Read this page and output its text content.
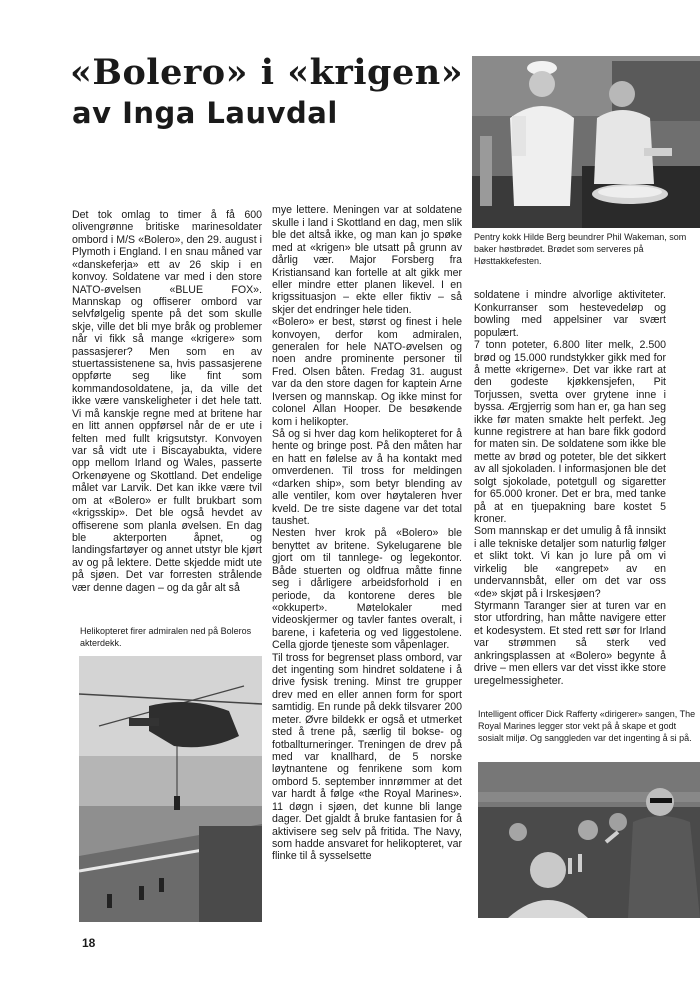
«Bolero» i «krigen»
av Inga Lauvdal

Pentry kokk Hilde Berg beundrer Phil Wakeman, som baker høstbrødet. Brødet som serveres på Høsttakkefesten.

Det tok omlag to timer å få 600 olivengrønne britiske marinesoldater ombord i M/S «Bolero», den 29. august i Plymoth i England. I en snau måned var «danskeferja» ett av 26 skip i en konvoy. Soldatene var med i den store NATO-øvelsen «BLUE FOX». Mannskap og offiserer ombord var selvfølgelig spente på det som skulle skje, ville det bli mye bråk og problemer når vi fikk så mange «krigere» som passasjerer? Men som en av stuertassistenene sa, hvis passasjerene oppførte seg like fint som kommandosoldatene, ja, da ville det ikke være vanskeligheter i det hele tatt. Vi må kanskje regne med at britene har en litt annen oppførsel når de er ute i felten med fullt krigsutstyr. Konvoyen var så vidt ute i Biscayabukta, videre opp mellom Irland og Wales, passerte Orkenøyene og Skottland. Det endelige målet var Larvik. Det kan ikke være tvil om at «Bolero» er fullt brukbart som «krigsskip». Det ble også hevdet av offiserene som planla øvelsen. En dag ble akterporten åpnet, og landingsfartøyer og annet utstyr ble kjørt av og på lektere. Dette skjedde midt ute på sjøen. Det var forresten strålende vær denne dagen – og da går alt så

mye lettere. Meningen var at soldatene skulle i land i Skottland en dag, men slik ble det altså ikke, og man kan jo spøke med at «krigen» ble utsatt på grunn av dårlig vær. Major Forsberg fra Kristiansand kan fortelle at alt gikk mer eller mindre etter planen likevel. I en krigssituasjon – ekte eller fiktiv – så skjer det endringer hele tiden.
«Bolero» er best, størst og finest i hele konvoyen, derfor kom admiralen, generalen for hele NATO-øvelsen og noen andre prominente personer til Fred. Olsen båten. Fredag 31. august var da den store dagen for kaptein Arne Iversen og mannskap. Og ikke minst for colonel Allan Hooper. De besøkende kom i helikopter.
Så og si hver dag kom helikopteret for å hente og bringe post. På den måten har en hatt en følelse av å ha kontakt med omverdenen. Til tross for meldingen «darken ship», som betyr blending av alle ventiler, kom over høytaleren hver kveld. De tre siste dagene var det total taushet.
Nesten hver krok på «Bolero» ble benyttet av britene. Sykelugarene ble gjort om til tannlege- og legekontor. Både stuerten og oldfrua måtte finne seg i dårligere arbeidsforhold i en periode, da kontorene deres ble «okkupert». Møtelokaler med videoskjermer og tavler fantes overalt, i barene, i kafeteria og ved liggestolene. Cella gjorde tjeneste som våpenlager.
Til tross for begrenset plass ombord, var det ingenting som hindret soldatene i å drive fysisk trening. Minst tre grupper drev med en eller annen form for sport samtidig. En runde på dekk tilsvarer 200 meter. Øvre bildekk er også et utmerket sted å trene på, særlig til bokse- og fotballturneringer. Treningen de drev på med var knallhard, de 5 norske løytnantene og fenrikene som kom ombord 5. september innrømmer at det var hardt å følge «the Royal Marines». 11 døgn i sjøen, det kunne bli lange dager. Det gjaldt å bruke fantasien for å aktivisere seg selv på fritida. The Navy, som hadde ansvaret for helikopteret, var flinke til å sysselsette

soldatene i mindre alvorlige aktiviteter. Konkurranser som hestevedeløp og bowling med appelsiner var svært populært.
7 tonn poteter, 6.800 liter melk, 2.500 brød og 15.000 rundstykker gikk med for å mette «krigerne». Det var ikke rart at den godeste kjøkkensjefen, Pit Torjussen, svetta over grytene inne i byssa. Ærgjerrig som han er, ga han seg ikke før maten smakte helt perfekt. Jeg kunne registrere at han bare fikk godord for maten sin. De soldatene som ikke ble mette av brød og poteter, ble det sikkert av all sjokoladen. I informasjonen ble det solgt sjokolade, potetgull og sigaretter for 65.000 kroner. Det er bra, med tanke på at en tjuepakning bare kostet 5 kroner.
Som mannskap er det umulig å få innsikt i alle tekniske detaljer som naturlig følger et slikt tokt. Vi kan jo lure på om vi virkelig ble «angrepet» av en undervannsbåt, eller om det var oss «de» skjøt på i Irskesjøen?
Styrmann Taranger sier at turen var en stor utfordring, han måtte navigere etter et kodesystem. Et sted rett sør for Irland var strømmen så sterk ved ankringsplassen at «Bolero» begynte å drive – men ellers var det visst ikke store uregelmessigheter.

Helikopteret firer admiralen ned på Boleros akterdekk.

Intelligent officer Dick Rafferty «dirigerer» sangen, The Royal Marines legger stor vekt på å skape et godt sosialt miljø. Og sanggleden var det ingenting å si på.

18
